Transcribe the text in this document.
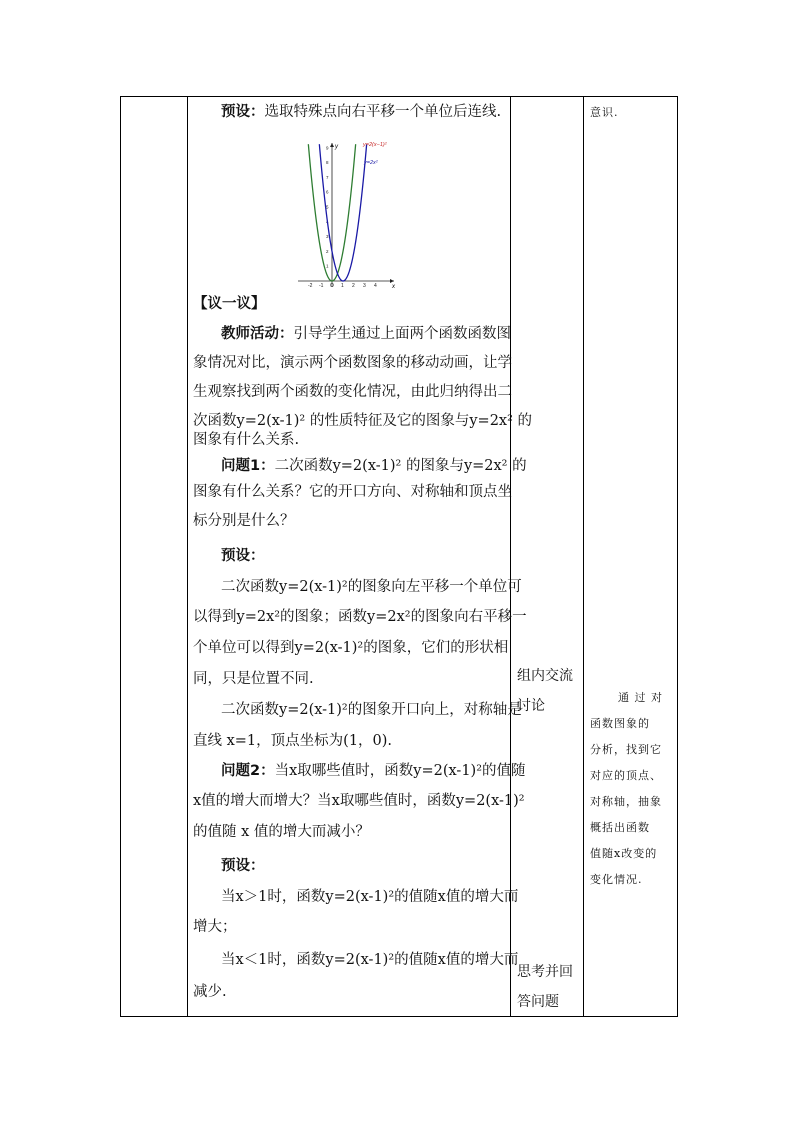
预设：选取特殊点向右平移一个单位后连线.
【议一议】
教师活动：引导学生通过上面两个函数函数图
象情况对比，演示两个函数图象的移动动画，让学
生观察找到两个函数的变化情况，由此归纳得出二
次函数y=2(x-1)² 的性质特征及它的图象与y=2x² 的
图象有什么关系.
问题1：二次函数y=2(x-1)² 的图象与y=2x² 的
图象有什么关系？它的开口方向、对称轴和顶点坐
标分别是什么？
预设：
二次函数y=2(x-1)²的图象向左平移一个单位可
以得到y=2x²的图象；函数y=2x²的图象向右平移一
个单位可以得到y=2(x-1)²的图象，它们的形状相
同，只是位置不同.
二次函数y=2(x-1)²的图象开口向上，对称轴是
直线 x=1，顶点坐标为(1，0).
问题2：当x取哪些值时，函数y=2(x-1)²的值随
x值的增大而增大？当x取哪些值时，函数y=2(x-1)²
的值随 x 值的增大而减小？
预设：
当x＞1时，函数y=2(x-1)²的值随x值的增大而
增大；
当x＜1时，函数y=2(x-1)²的值随x值的增大而
减少.
x
y
-2 -1 O 1 2 3 4
1
2
3
4
5
6
7
8
9	y=2(x−1)²
y=2x²
组内交流
讨论
思考并回
答问题
意识.
通 过 对
函数图象的
分析，找到它
对应的顶点、
对称轴，抽象
概括出函数
值随x改变的
变化情况.
